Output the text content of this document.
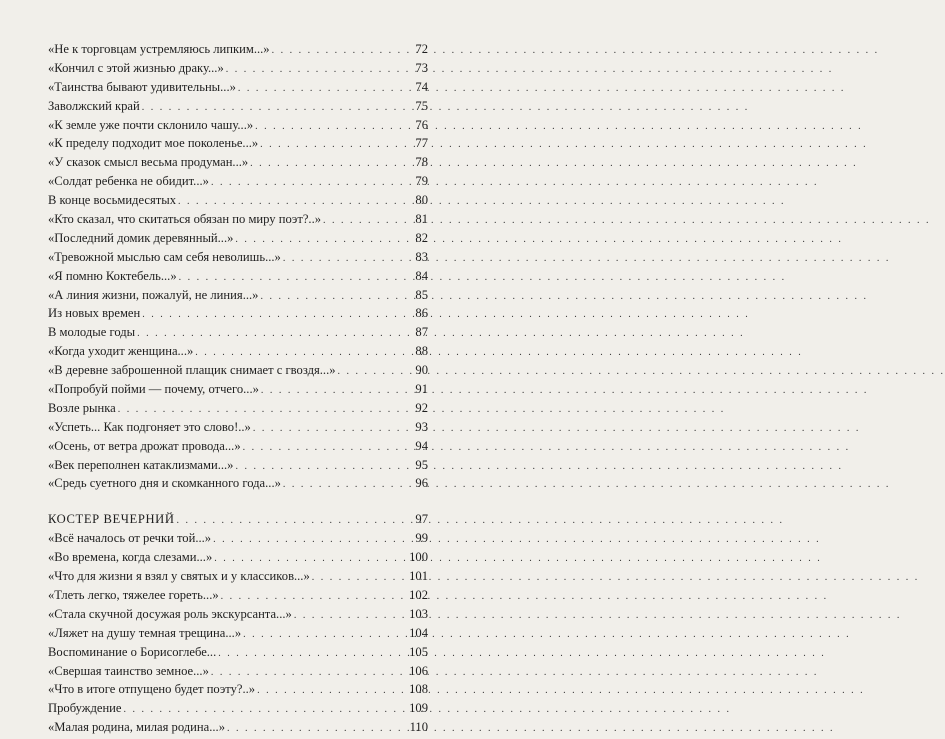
«Не к торговцам устремляюсь липким...» . . .	72
«Кончил с этой жизнью драку...» . . .	73
«Таинства бывают удивительны...» . . .	74
Заволжский край . . .	75
«К земле уже почти склонило чашу...» . . .	76
«К пределу подходит мое поколенье...» . . .	77
«У сказок смысл весьма продуман...» . . .	78
«Солдат ребенка не обидит...» . . .	79
В конце восьмидесятых . . .	80
«Кто сказал, что скитаться обязан по миру поэт?..» . . .	81
«Последний домик деревянный...» . . .	82
«Тревожной мыслью сам себя неволишь...» . . .	83
«Я помню Коктебель...» . . .	84
«А линия жизни, пожалуй, не линия...» . . .	85
Из новых времен . . .	86
В молодые годы . . .	87
«Когда уходит женщина...» . . .	88
«В деревне заброшенной плащик снимает с гвоздя...» . . .	90
«Попробуй пойми — почему, отчего...» . . .	91
Возле рынка . . .	92
«Успеть... Как подгоняет это слово!..» . . .	93
«Осень, от ветра дрожат провода...» . . .	94
«Век переполнен катаклизмами...» . . .	95
«Средь суетного дня и скомканного года...» . . .	96
КОСТЕР ВЕЧЕРНИЙ . . .	97
«Всё началось от речки той...» . . .	99
«Во времена, когда слезами...» . . .	100
«Что для жизни я взял у святых и у классиков...» . . .	101
«Тлеть легко, тяжелее гореть...» . . .	102
«Стала скучной досужая роль экскурсанта...» . . .	103
«Ляжет на душу темная трещина...» . . .	104
Воспоминание о Борисоглебе... . . .	105
«Свершая таинство земное...» . . .	106
«Что в итоге отпущено будет поэту?..» . . .	108
Пробуждение . . .	109
«Малая родина, милая родина...» . . .	110
